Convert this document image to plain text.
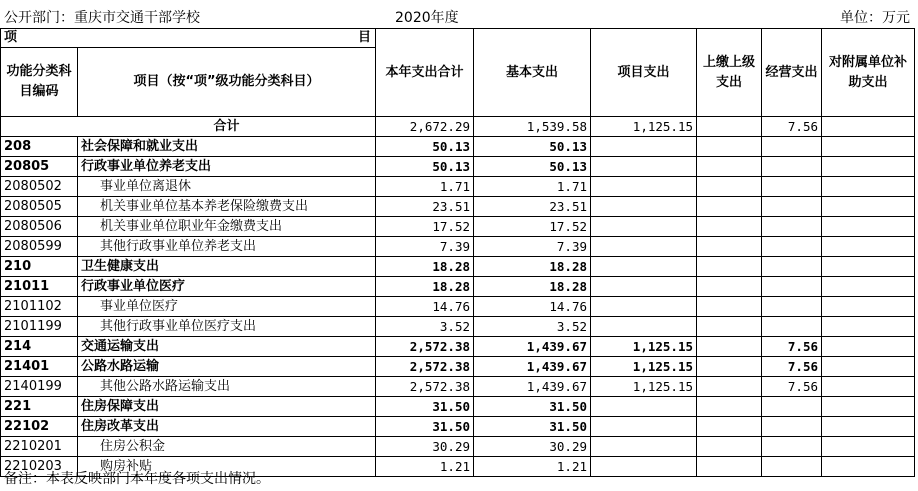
公开部门：重庆市交通干部学校	2020年度	单位：万元
项 目		本年支出合计	基本支出	项目支出	上缴上级支出	经营支出	对附属单位补助支出
功能分类科目编码	项目（按“项”级功能分类科目）						
合计		2,672.29	1,539.58	1,125.15		7.56	
208	社会保障和就业支出	50.13	50.13				
20805	行政事业单位养老支出	50.13	50.13				
2080502	事业单位离退休	1.71	1.71				
2080505	机关事业单位基本养老保险缴费支出	23.51	23.51				
2080506	机关事业单位职业年金缴费支出	17.52	17.52				
2080599	其他行政事业单位养老支出	7.39	7.39				
210	卫生健康支出	18.28	18.28				
21011	行政事业单位医疗	18.28	18.28				
2101102	事业单位医疗	14.76	14.76				
2101199	其他行政事业单位医疗支出	3.52	3.52				
214	交通运输支出	2,572.38	1,439.67	1,125.15		7.56	
21401	公路水路运输	2,572.38	1,439.67	1,125.15		7.56	
2140199	其他公路水路运输支出	2,572.38	1,439.67	1,125.15		7.56	
221	住房保障支出	31.50	31.50				
22102	住房改革支出	31.50	31.50				
2210201	住房公积金	30.29	30.29				
2210203	购房补贴	1.21	1.21				
备注：本表反映部门本年度各项支出情况。
